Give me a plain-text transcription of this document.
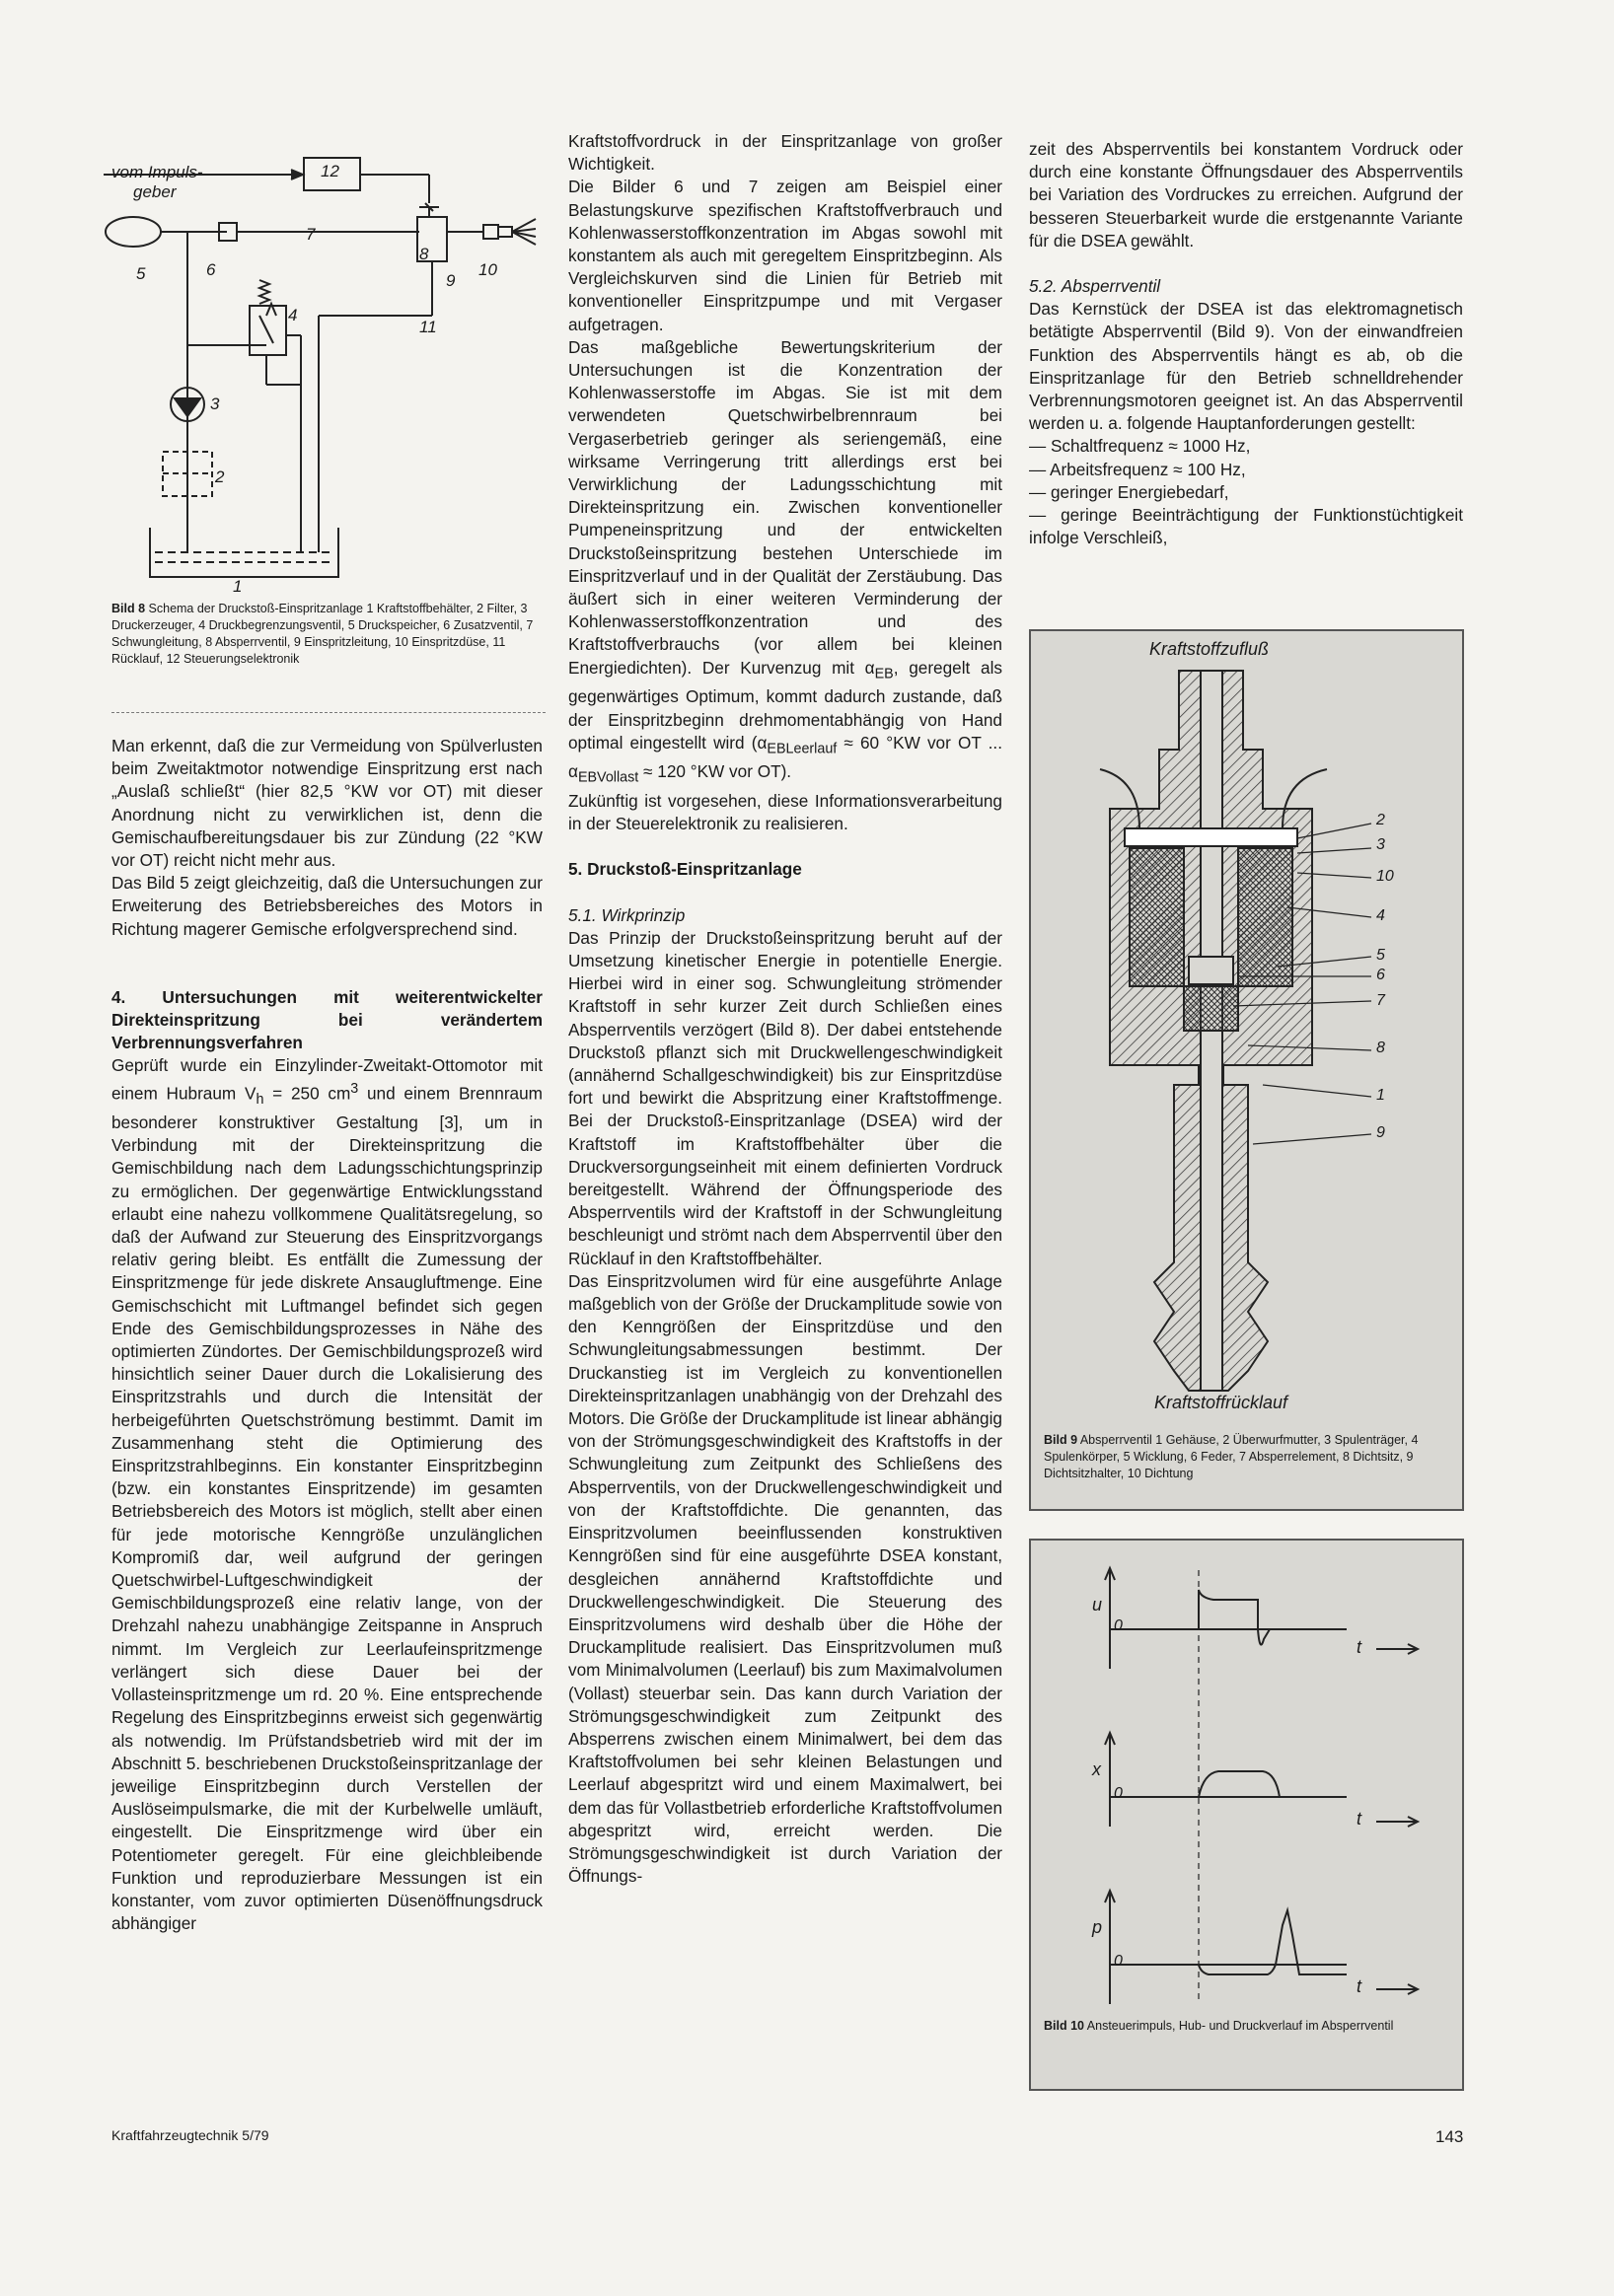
vom Impuls-
geber
12
7
8
5	6
9
10
4
11
3
2
1
Bild 8 Schema der Druckstoß-Einspritzanlage 1 Kraftstoffbehälter, 2 Filter, 3 Druckerzeuger, 4 Druckbegrenzungsventil, 5 Druckspeicher, 6 Zusatzventil, 7 Schwungleitung, 8 Absperrventil, 9 Einspritzleitung, 10 Einspritzdüse, 11 Rücklauf, 12 Steuerungselektronik

Man erkennt, daß die zur Vermeidung von Spülverlusten beim Zweitaktmotor notwendige Einspritzung erst nach „Auslaß schließt“ (hier 82,5 °KW vor OT) mit dieser Anordnung nicht zu verwirklichen ist, denn die Gemischaufbereitungsdauer bis zur Zündung (22 °KW vor OT) reicht nicht mehr aus.

Das Bild 5 zeigt gleichzeitig, daß die Untersuchungen zur Erweiterung des Betriebsbereiches des Motors in Richtung magerer Gemische erfolgversprechend sind.

4. Untersuchungen mit weiterentwickelter Direkteinspritzung bei verändertem Verbrennungsverfahren

Geprüft wurde ein Einzylinder-Zweitakt-Ottomotor mit einem Hubraum $V_h = 250$ $cm^3$ und einem Brennraum besonderer konstruktiver Gestaltung [3], um in Verbindung mit der Direkteinspritzung die Gemischbildung nach dem Ladungsschichtungsprinzip zu ermöglichen. Der gegenwärtige Entwicklungsstand erlaubt eine nahezu vollkommene Qualitätsregelung, so daß der Aufwand zur Steuerung des Einspritzvorgangs relativ gering bleibt. Es entfällt die Zumessung der Einspritzmenge für jede diskrete Ansaugluftmenge. Eine Gemischschicht mit Luftmangel befindet sich gegen Ende des Gemischbildungsprozesses in Nähe des optimierten Zündortes. Der Gemischbildungsprozeß wird hinsichtlich seiner Dauer durch die Lokalisierung des Einspritzstrahls und durch die Intensität der herbeigeführten Quetschströmung bestimmt. Damit im Zusammenhang steht die Optimierung des Einspritzstrahlbeginns. Ein konstanter Einspritzbeginn (bzw. ein konstantes Einspritzende) im gesamten Betriebsbereich des Motors ist möglich, stellt aber einen für jede motorische Kenngröße unzulänglichen Kompromiß dar, weil aufgrund der geringen Quetschwirbel-Luftgeschwindigkeit der Gemischbildungsprozeß eine relativ lange, von der Drehzahl nahezu unabhängige Zeitspanne in Anspruch nimmt. Im Vergleich zur Leerlaufeinspritzmenge verlängert sich diese Dauer bei der Vollasteinspritzmenge um rd. 20 %. Eine entsprechende Regelung des Einspritzbeginns erweist sich gegenwärtig als notwendig. Im Prüfstandsbetrieb wird mit der im Abschnitt 5. beschriebenen Druckstoßeinspritzanlage der jeweilige Einspritzbeginn durch Verstellen der Auslöseimpulsmarke, die mit der Kurbelwelle umläuft, eingestellt. Die Einspritzmenge wird über ein Potentiometer geregelt. Für eine gleichbleibende Funktion und reproduzierbare Messungen ist ein konstanter, vom zuvor optimierten Düsenöffnungsdruck abhängiger

Kraftstoffvordruck in der Einspritzanlage von großer Wichtigkeit.

Die Bilder 6 und 7 zeigen am Beispiel einer Belastungskurve spezifischen Kraftstoffverbrauch und Kohlenwasserstoffkonzentration im Abgas sowohl mit konstantem als auch mit geregeltem Einspritzbeginn. Als Vergleichskurven sind die Linien für Betrieb mit konventioneller Einspritzpumpe und mit Vergaser aufgetragen.

Das maßgebliche Bewertungskriterium der Untersuchungen ist die Konzentration der Kohlenwasserstoffe im Abgas. Sie ist mit dem verwendeten Quetschwirbelbrennraum bei Vergaserbetrieb geringer als seriengemäß, eine wirksame Verringerung tritt allerdings erst bei Verwirklichung der Ladungsschichtung mit Direkteinspritzung ein. Zwischen konventioneller Pumpeneinspritzung und der entwickelten Druckstoßeinspritzung bestehen Unterschiede im Einspritzverlauf und in der Qualität der Zerstäubung. Das äußert sich in einer weiteren Verminderung der Kohlenwasserstoffkonzentration und des Kraftstoffverbrauchs (vor allem bei kleinen Energiedichten). Der Kurvenzug mit $\alpha_{EB}$, geregelt als gegenwärtiges Optimum, kommt dadurch zustande, daß der Einspritzbeginn drehmomentabhängig von Hand optimal eingestellt wird ($\alpha_{EBLeerlauf} \approx 60$ °KW vor OT ... $\alpha_{EBVollast} \approx 120$ °KW vor OT).

Zukünftig ist vorgesehen, diese Informationsverarbeitung in der Steuerelektronik zu realisieren.

5. Druckstoß-Einspritzanlage
5.1. Wirkprinzip

Das Prinzip der Druckstoßeinspritzung beruht auf der Umsetzung kinetischer Energie in potentielle Energie. Hierbei wird in einer sog. Schwungleitung strömender Kraftstoff in sehr kurzer Zeit durch Schließen eines Absperrventils verzögert (Bild 8). Der dabei entstehende Druckstoß pflanzt sich mit Druckwellengeschwindigkeit (annähernd Schallgeschwindigkeit) bis zur Einspritzdüse fort und bewirkt die Abspritzung einer Kraftstoffmenge. Bei der Druckstoß-Einspritzanlage (DSEA) wird der Kraftstoff im Kraftstoffbehälter über die Druckversorgungseinheit mit einem definierten Vordruck bereitgestellt. Während der Öffnungsperiode des Absperrventils wird der Kraftstoff in der Schwungleitung beschleunigt und strömt nach dem Absperrventil über den Rücklauf in den Kraftstoffbehälter.

Das Einspritzvolumen wird für eine ausgeführte Anlage maßgeblich von der Größe der Druckamplitude sowie von den Kenngrößen der Einspritzdüse und den Schwungleitungsabmessungen bestimmt. Der Druckanstieg ist im Vergleich zu konventionellen Direkteinspritzanlagen unabhängig von der Drehzahl des Motors. Die Größe der Druckamplitude ist linear abhängig von der Strömungsgeschwindigkeit des Kraftstoffs in der Schwungleitung zum Zeitpunkt des Schließens des Absperrventils, von der Druckwellengeschwindigkeit und von der Kraftstoffdichte. Die genannten, das Einspritzvolumen beeinflussenden konstruktiven Kenngrößen sind für eine ausgeführte DSEA konstant, desgleichen annähernd Kraftstoffdichte und Druckwellengeschwindigkeit. Die Steuerung des Einspritzvolumens wird deshalb über die Höhe der Druckamplitude realisiert. Das Einspritzvolumen muß vom Minimalvolumen (Leerlauf) bis zum Maximalvolumen (Vollast) steuerbar sein. Das kann durch Variation der Strömungsgeschwindigkeit zum Zeitpunkt des Absperrens zwischen einem Minimalwert, bei dem das Kraftstoffvolumen bei sehr kleinen Belastungen und Leerlauf abgespritzt wird und einem Maximalwert, bei dem das für Vollastbetrieb erforderliche Kraftstoffvolumen abgespritzt wird, erreicht werden. Die Strömungsgeschwindigkeit ist durch Variation der Öffnungs-

zeit des Absperrventils bei konstantem Vordruck oder durch eine konstante Öffnungsdauer des Absperrventils bei Variation des Vordruckes zu erreichen. Aufgrund der besseren Steuerbarkeit wurde die erstgenannte Variante für die DSEA gewählt.

5.2. Absperrventil

Das Kernstück der DSEA ist das elektromagnetisch betätigte Absperrventil (Bild 9). Von der einwandfreien Funktion des Absperrventils hängt es ab, ob die Einspritzanlage für den Betrieb schnelldrehender Verbrennungsmotoren geeignet ist. An das Absperrventil werden u. a. folgende Hauptanforderungen gestellt:

— Schaltfrequenz ≈ 1000 Hz,
— Arbeitsfrequenz ≈ 100 Hz,
— geringer Energiebedarf,
— geringe Beeinträchtigung der Funktionstüchtigkeit infolge Verschleiß,
Kraftstoffzufluß
Kraftstoffrücklauf
2
3
10
4
5
6
7
8
1
9
Bild 9 Absperrventil 1 Gehäuse, 2 Überwurfmutter, 3 Spulenträger, 4 Spulenkörper, 5 Wicklung, 6 Feder, 7 Absperrelement, 8 Dichtsitz, 9 Dichtsitzhalter, 10 Dichtung
u
0
t
x
0
t
p
0
t
Bild 10 Ansteuerimpuls, Hub- und Druckverlauf im Absperrventil
Kraftfahrzeugtechnik 5/79	143
